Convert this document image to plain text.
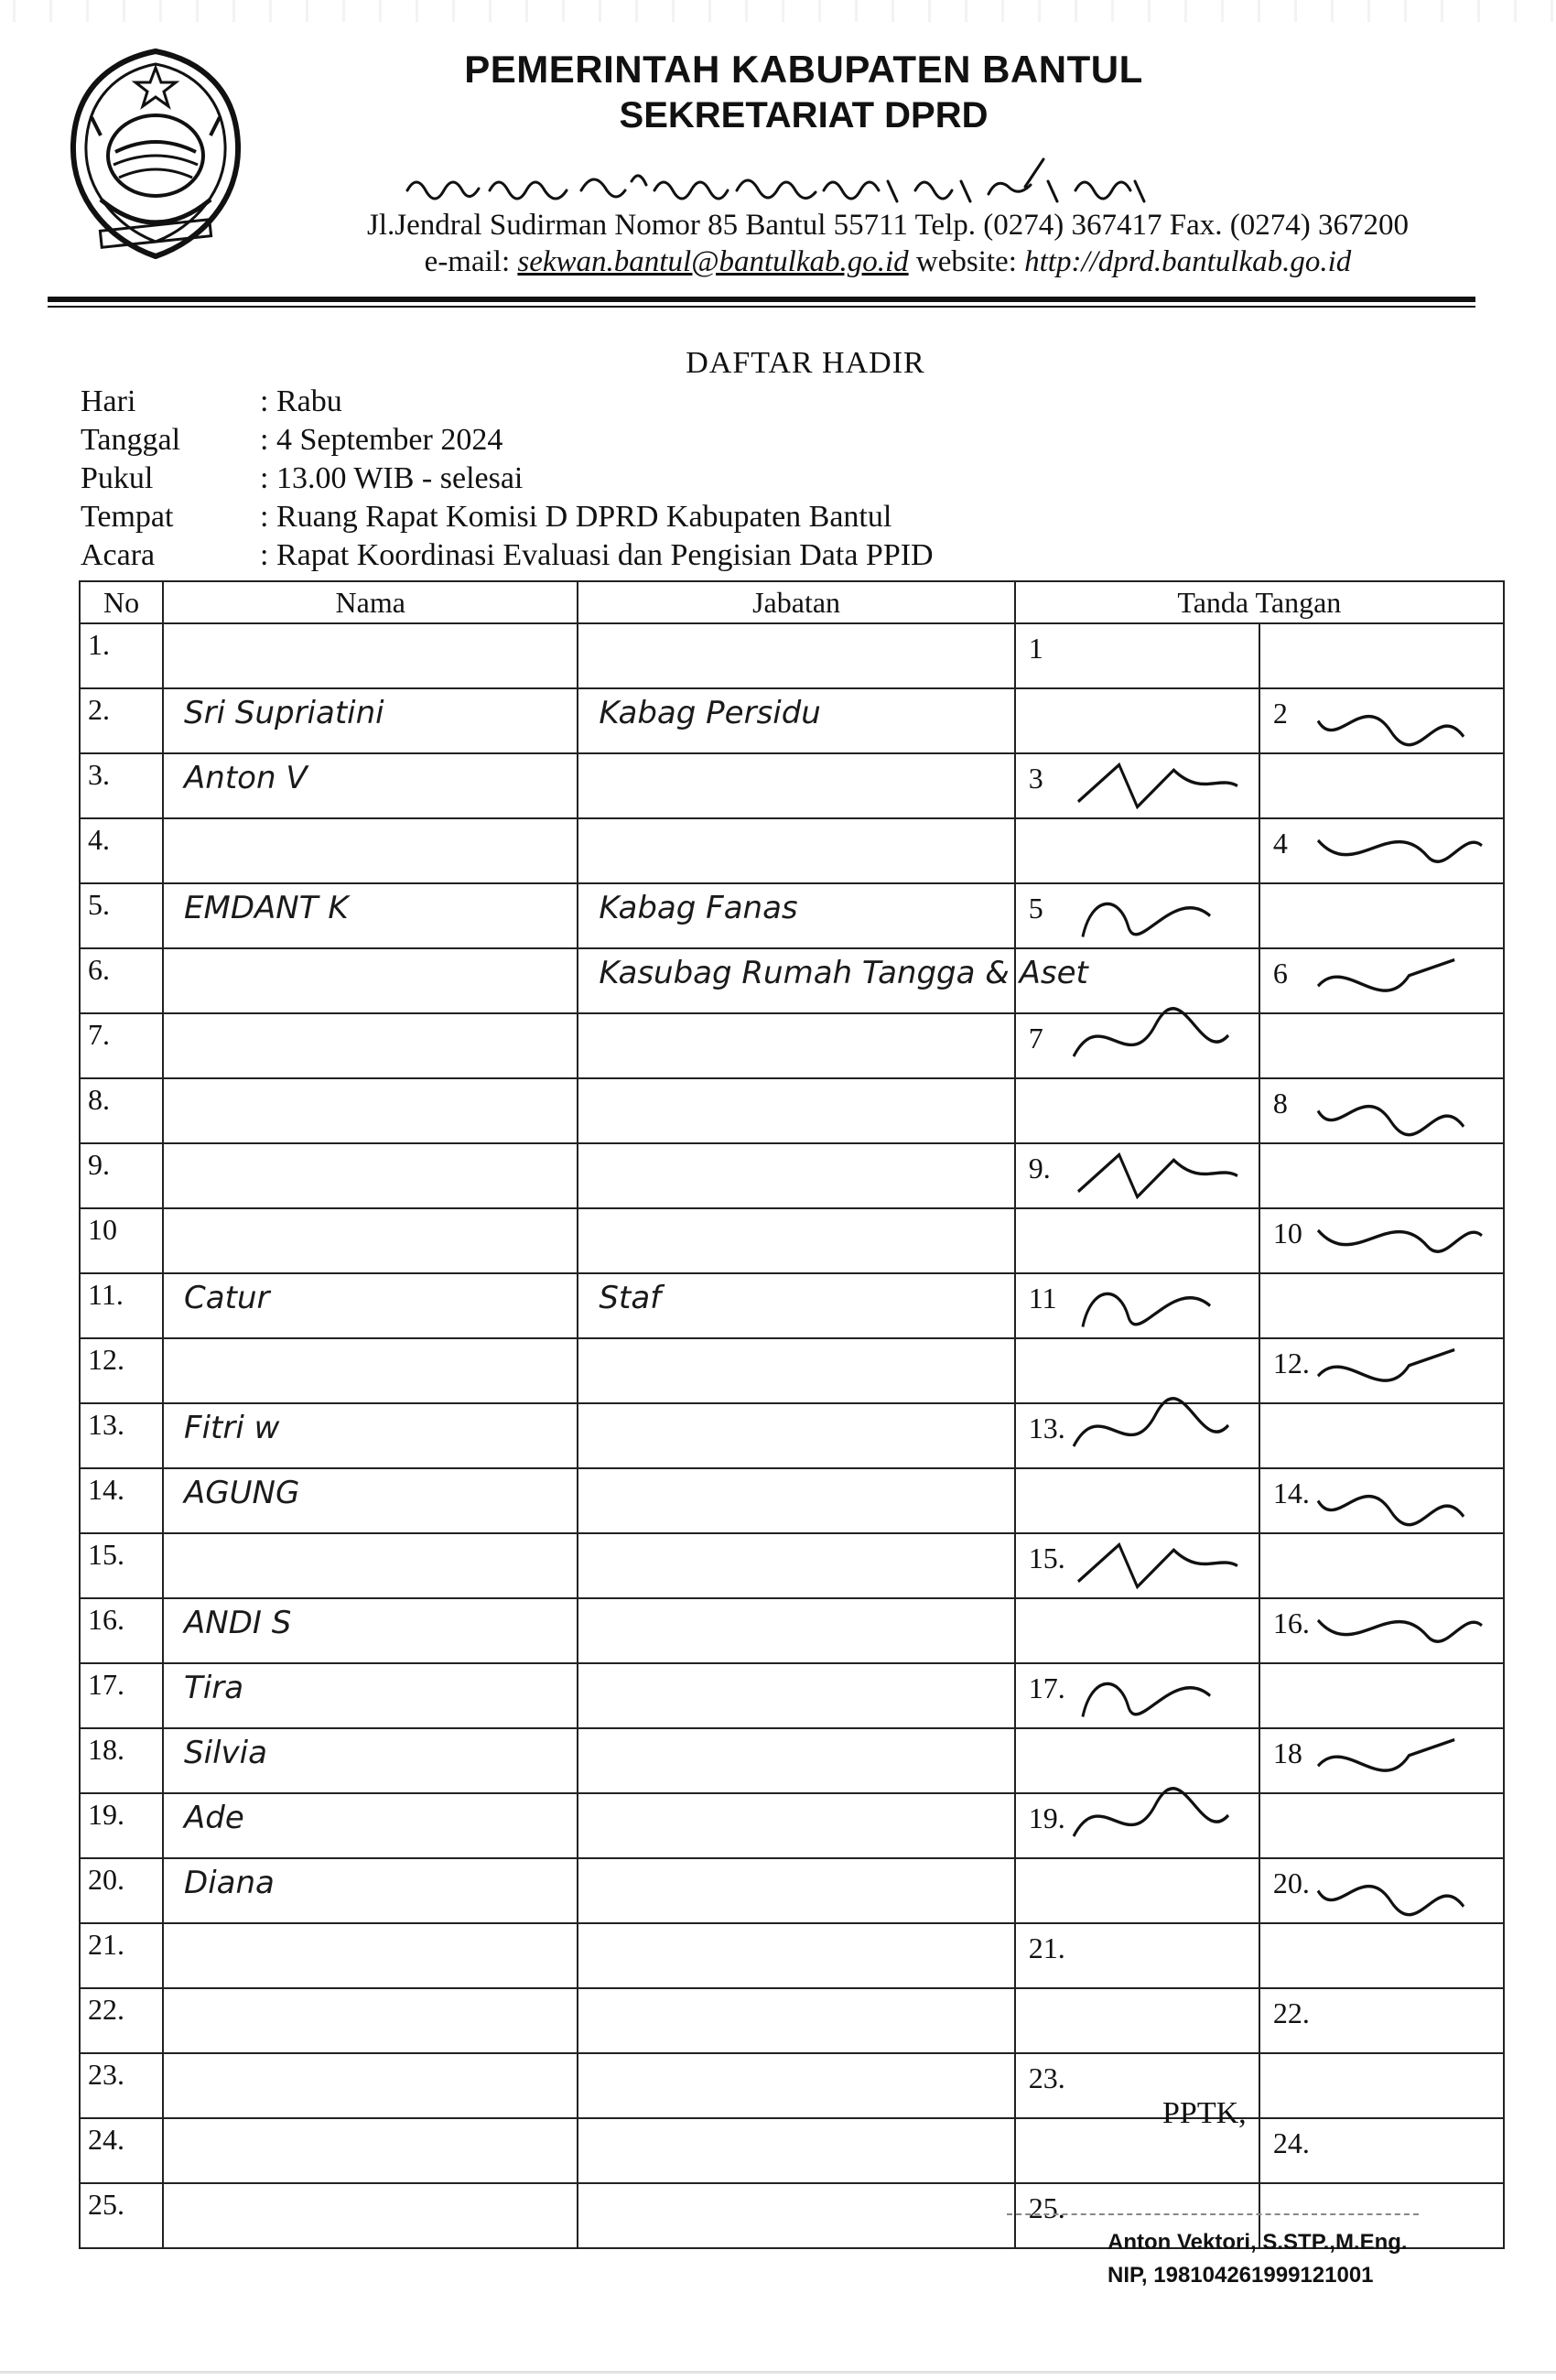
PEMERINTAH KABUPATEN BANTUL
SEKRETARIAT DPRD
Jl.Jendral Sudirman Nomor 85 Bantul 55711 Telp. (0274) 367417 Fax. (0274) 367200
e-mail: sekwan.bantul@bantulkab.go.id website: http://dprd.bantulkab.go.id
DAFTAR HADIR
Hari	: Rabu
Tanggal	: 4 September 2024
Pukul	: 13.00 WIB - selesai
Tempat	: Ruang Rapat Komisi D DPRD Kabupaten Bantul
Acara	: Rapat Koordinasi Evaluasi dan Pengisian Data PPID
No	Nama	Jabatan	Tanda Tangan	
1.			1	
2.	Sri Supriatini	Kabag Persidu		2

3.	Anton V		3

4.				4

5.	EMDANT K	Kabag Fanas	5

6.		Kasubag Rumah Tangga & Aset		6

7.			7

8.				8

9.			9.

10				10

11.	Catur	Staf	11

12.				12.

13.	Fitri w		13.

14.	AGUNG			14.

15.			15.

16.	ANDI S			16.

17.	Tira		17.

18.	Silvia			18

19.	Ade		19.

20.	Diana			20.

21.			21.	
22.				22.
23.			23.	
24.				24.
25.			25.	
PPTK,
Anton Vektori, S.STP.,M.Eng.
NIP, 198104261999121001
